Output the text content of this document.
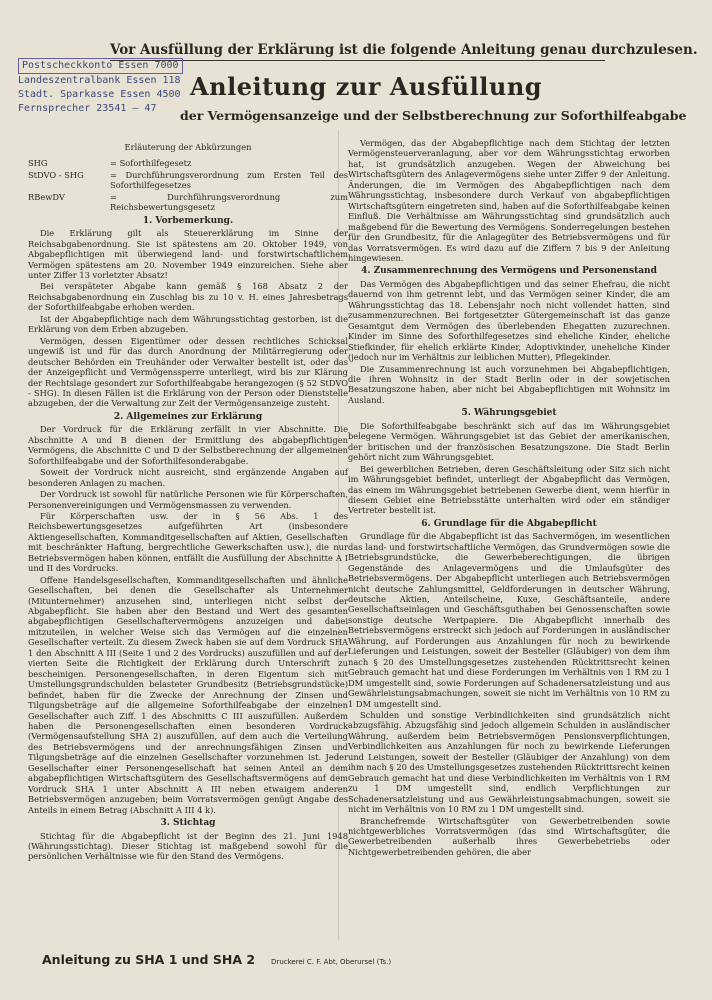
Vor Ausfüllung der Erklärung ist die folgende Anleitung genau durchzulesen.
Postscheckkonto Essen 7000
Landeszentralbank Essen 118
Stadt. Sparkasse Essen 4500
Fernsprecher 23541 – 47
Anleitung zur Ausfüllung
der Vermögensanzeige und der Selbstberechnung zur Soforthilfeabgabe
Erläuterung der Abkürzungen
SHG	= Soforthilfegesetz
StDVO - SHG	= Durchführungsverordnung zum Ersten Teil des Soforthilfegesetzes
RBewDV	= Durchführungsverordnung zum Reichsbewertungsgesetz
1. Vorbemerkung.

Die Erklärung gilt als Steuererklärung im Sinne der Reichsabgabenordnung. Sie ist spätestens am 20. Oktober 1949, von Abgabepflichtigen mit überwiegend land- und forstwirtschaftlichem Vermögen spätestens am 20. November 1949 einzureichen. Siehe aber unter Ziffer 13 vorletzter Absatz!

Bei verspäteter Abgabe kann gemäß § 168 Absatz 2 der Reichsabgabenordnung ein Zuschlag bis zu 10 v. H. eines Jahresbetrags der Soforthilfeabgabe erhoben werden.

Ist der Abgabepflichtige nach dem Währungsstichtag gestorben, ist die Erklärung von dem Erben abzugeben.

Vermögen, dessen Eigentümer oder dessen rechtliches Schicksal ungewiß ist und für das durch Anordnung der Militärregierung oder deutscher Behörden ein Treuhänder oder Verwalter bestellt ist, oder das der Anzeigepflicht und Vermögenssperre unterliegt, wird bis zur Klärung der Rechtslage gesondert zur Soforthilfeabgabe herangezogen (§ 52 StDVO - SHG). In diesen Fällen ist die Erklärung von der Person oder Dienststelle abzugeben, der die Verwaltung zur Zeit der Vermögensanzeige zusteht.

2. Allgemeines zur Erklärung

Der Vordruck für die Erklärung zerfällt in vier Abschnitte. Die Abschnitte A und B dienen der Ermittlung des abgabepflichtigen Vermögens, die Abschnitte C und D der Selbstberechnung der allgemeinen Soforthilfeabgabe und der Soforthilfesonderabgabe.

Soweit der Vordruck nicht ausreicht, sind ergänzende Angaben auf besonderen Anlagen zu machen.

Der Vordruck ist sowohl für natürliche Personen wie für Körperschaften, Personenvereinigungen und Vermögensmassen zu verwenden.

Für Körperschaften usw. der in § 56 Abs. 1 des Reichsbewertungsgesetzes aufgeführten Art (insbesondere Aktiengesellschaften, Kommanditgesellschaften auf Aktien, Gesellschaften mit beschränkter Haftung, bergrechtliche Gewerkschaften usw.), die nur Betriebsvermögen haben können, entfällt die Ausfüllung der Abschnitte A I und II des Vordrucks.

Offene Handelsgesellschaften, Kommanditgesellschaften und ähnliche Gesellschaften, bei denen die Gesellschafter als Unternehmer (Mitunternehmer) anzusehen sind, unterliegen nicht selbst der Abgabepflicht. Sie haben aber den Bestand und Wert des gesamten abgabepflichtigen Gesellschaftervermögens anzuzeigen und dabei mitzuteilen, in welcher Weise sich das Vermögen auf die einzelnen Gesellschafter verteilt. Zu diesem Zweck haben sie auf dem Vordruck SHA 1 den Abschnitt A III (Seite 1 und 2 des Vordrucks) auszufüllen und auf der vierten Seite die Richtigkeit der Erklärung durch Unterschrift zu bescheinigen. Personengesellschaften, in deren Eigentum sich mit Umstellungsgrundschulden belasteter Grundbesitz (Betriebsgrundstücke) befindet, haben für die Zwecke der Anrechnung der Zinsen und Tilgungsbeträge auf die allgemeine Soforthilfeabgabe der einzelnen Gesellschafter auch Ziff. 1 des Abschnitts C III auszufüllen. Außerdem haben die Personengesellschaften einen besonderen Vordruck (Vermögensaufstellung SHA 2) auszufüllen, auf dem auch die Verteilung des Betriebsvermögens und der anrechnungsfähigen Zinsen und Tilgungsbeträge auf die einzelnen Gesellschafter vorzunehmen ist. Jeder Gesellschafter einer Personengesellschaft hat seinen Anteil an dem abgabepflichtigen Wirtschaftsgütern des Gesellschaftsvermögens auf dem Vordruck SHA 1 unter Abschnitt A III neben etwaigem anderen Betriebsvermögen anzugeben; beim Vorratsvermögen genügt Angabe des Anteils in einem Betrag (Abschnitt A III 4 k).

3. Stichtag

Stichtag für die Abgabepflicht ist der Beginn des 21. Juni 1948 (Währungsstichtag). Dieser Stichtag ist maßgebend sowohl für die persönlichen Verhältnisse wie für den Stand des Vermögens.

Vermögen, das der Abgabepflichtige nach dem Stichtag der letzten Vermögensteuerveranlagung, aber vor dem Währungsstichtag erworben hat, ist grundsätzlich anzugeben. Wegen der Abweichung bei Wirtschaftsgütern des Anlagevermögens siehe unter Ziffer 9 der Anleitung. Änderungen, die im Vermögen des Abgabepflichtigen nach dem Währungsstichtag, insbesondere durch Verkauf von abgabepflichtigen Wirtschaftsgütern eingetreten sind, haben auf die Soforthilfeabgabe keinen Einfluß. Die Verhältnisse am Währungsstichtag sind grundsätzlich auch maßgebend für die Bewertung des Vermögens. Sonderregelungen bestehen für den Grundbesitz, für die Anlagegüter des Betriebsvermögens und für das Vorratsvermögen. Es wird dazu auf die Ziffern 7 bis 9 der Anleitung hingewiesen.

4. Zusammenrechnung des Vermögens und Personenstand

Das Vermögen des Abgabepflichtigen und das seiner Ehefrau, die nicht dauernd von ihm getrennt lebt, und das Vermögen seiner Kinder, die am Währungsstichtag das 18. Lebensjahr noch nicht vollendet hatten, sind zusammenzurechnen. Bei fortgesetzter Gütergemeinschaft ist das ganze Gesamtgut dem Vermögen des überlebenden Ehegatten zuzurechnen. Kinder im Sinne des Soforthilfegesetzes sind eheliche Kinder, eheliche Stiefkinder, für ehelich erklärte Kinder, Adoptivkinder, uneheliche Kinder (jedoch nur im Verhältnis zur leiblichen Mutter), Pflegekinder.

Die Zusammenrechnung ist auch vorzunehmen bei Abgabepflichtigen, die ihren Wohnsitz in der Stadt Berlin oder in der sowjetischen Besatzungszone haben, aber nicht bei Abgabepflichtigen mit Wohnsitz im Ausland.

5. Währungsgebiet

Die Soforthilfeabgabe beschränkt sich auf das im Währungsgebiet belegene Vermögen. Währungsgebiet ist das Gebiet der amerikanischen, der britischen und der französischen Besatzungszone. Die Stadt Berlin gehört nicht zum Währungsgebiet.

Bei gewerblichen Betrieben, deren Geschäftsleitung oder Sitz sich nicht im Währungsgebiet befindet, unterliegt der Abgabepflicht das Vermögen, das einem im Währungsgebiet betriebenen Gewerbe dient, wenn hierfür in diesem Gebiet eine Betriebsstätte unterhalten wird oder ein ständiger Vertreter bestellt ist.

6. Grundlage für die Abgabepflicht

Grundlage für die Abgabepflicht ist das Sachvermögen, im wesentlichen das land- und forstwirtschaftliche Vermögen, das Grundvermögen sowie die Betriebsgrundstücke, die Gewerbeberechtigungen, die übrigen Gegenstände des Anlagevermögens und die Umlaufsgüter des Betriebsvermögens. Der Abgabepflicht unterliegen auch Betriebsvermögen nicht deutsche Zahlungsmittel, Geldforderungen in deutscher Währung, deutsche Aktien, Anteilscheine, Kuxe, Geschäftsanteile, andere Gesellschaftseinlagen und Geschäftsguthaben bei Genossenschaften sowie sonstige deutsche Wertpapiere. Die Abgabepflicht innerhalb des Betriebsvermögens erstreckt sich jedoch auf Forderungen in ausländischer Währung, auf Forderungen aus Anzahlungen für noch zu bewirkende Lieferungen und Leistungen, soweit der Besteller (Gläubiger) von dem ihm nach § 20 des Umstellungsgesetzes zustehenden Rücktrittsrecht keinen Gebrauch gemacht hat und diese Forderungen im Verhältnis von 1 RM zu 1 DM umgestellt sind, sowie Forderungen auf Schadenersatzleistung und aus Gewährleistungsabmachungen, soweit sie nicht im Verhältnis von 10 RM zu 1 DM umgestellt sind.

Schulden und sonstige Verbindlichkeiten sind grundsätzlich nicht abzugsfähig. Abzugsfähig sind jedoch allgemein Schulden in ausländischer Währung, außerdem beim Betriebsvermögen Pensionsverpflichtungen, Verbindlichkeiten aus Anzahlungen für noch zu bewirkende Lieferungen und Leistungen, soweit der Besteller (Gläubiger der Anzahlung) von dem ihm nach § 20 des Umstellungsgesetzes zustehenden Rücktrittsrecht keinen Gebrauch gemacht hat und diese Verbindlichkeiten im Verhältnis von 1 RM zu 1 DM umgestellt sind, endlich Verpflichtungen zur Schadenersatzleistung und aus Gewährleistungsabmachungen, soweit sie nicht im Verhältnis von 10 RM zu 1 DM umgestellt sind.

Branchefremde Wirtschaftsgüter von Gewerbetreibenden sowie nichtgewerbliches Vorratsvermögen (das sind Wirtschaftsgüter, die Gewerbetreibenden außerhalb ihres Gewerbebetriebs oder Nichtgewerbetreibenden gehören, die aber

Anleitung zu SHA 1 und SHA 2 Druckerei C. F. Abt, Oberursel (Ts.)
